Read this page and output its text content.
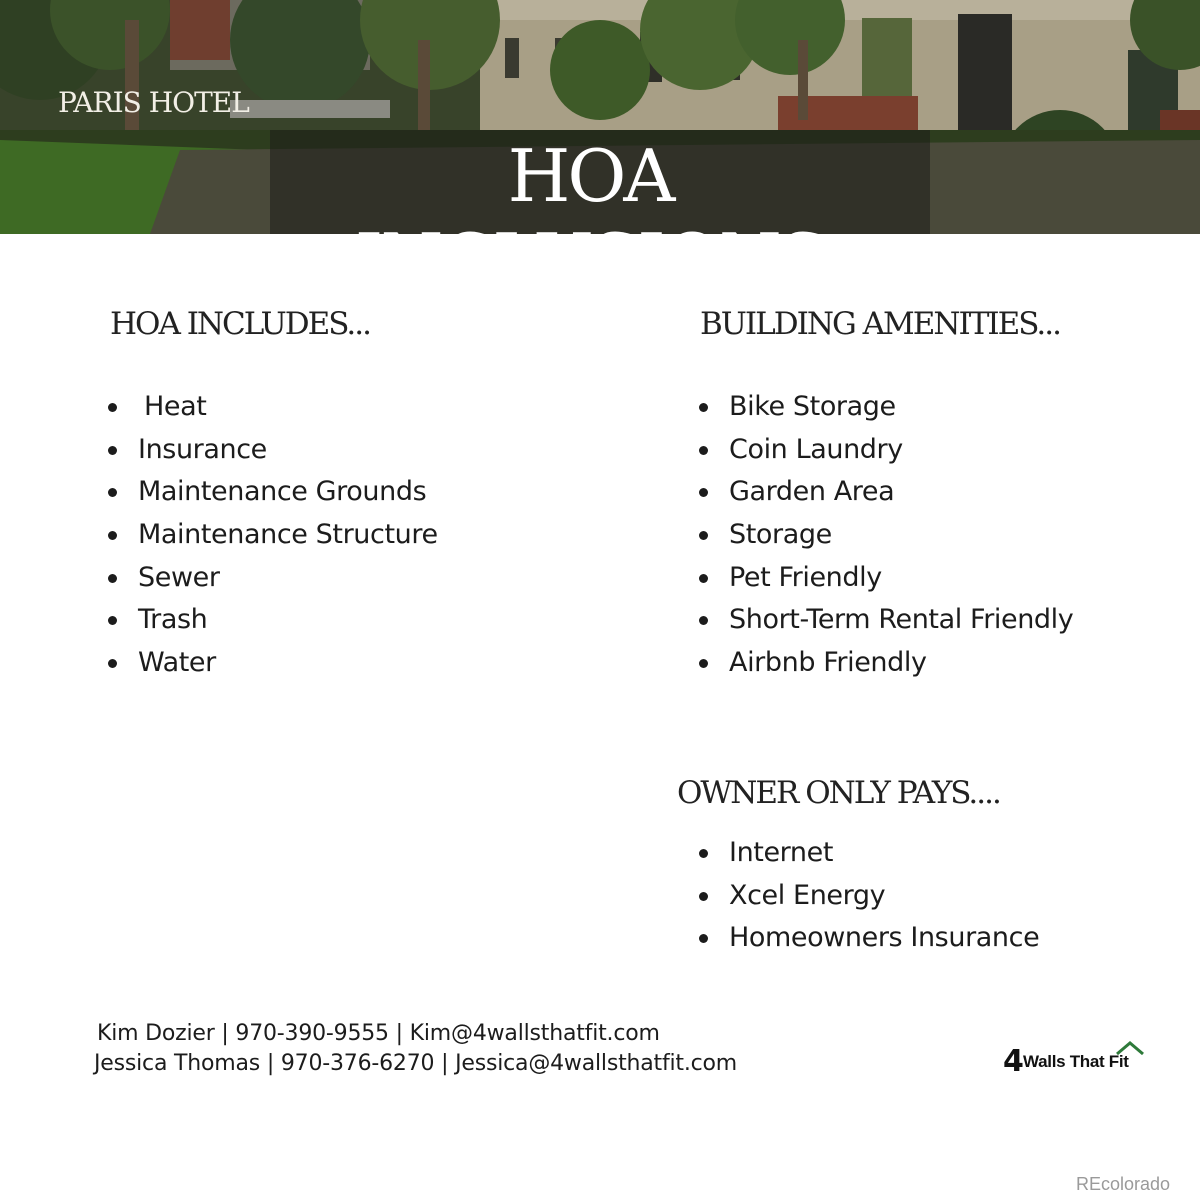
PARIS HOTEL
HOA INCLUSIONS
HOA INCLUDES...
Heat
Insurance
Maintenance Grounds
Maintenance Structure
Sewer
Trash
Water
BUILDING AMENITIES...
Bike Storage
Coin Laundry
Garden Area
Storage
Pet Friendly
Short-Term Rental Friendly
Airbnb Friendly
OWNER ONLY PAYS....
Internet
Xcel Energy
Homeowners Insurance
Kim Dozier | 970-390-9555 | Kim@4wallsthatfit.com
Jessica Thomas | 970-376-6270 | Jessica@4wallsthatfit.com	4 Walls That Fit
REcolorado
